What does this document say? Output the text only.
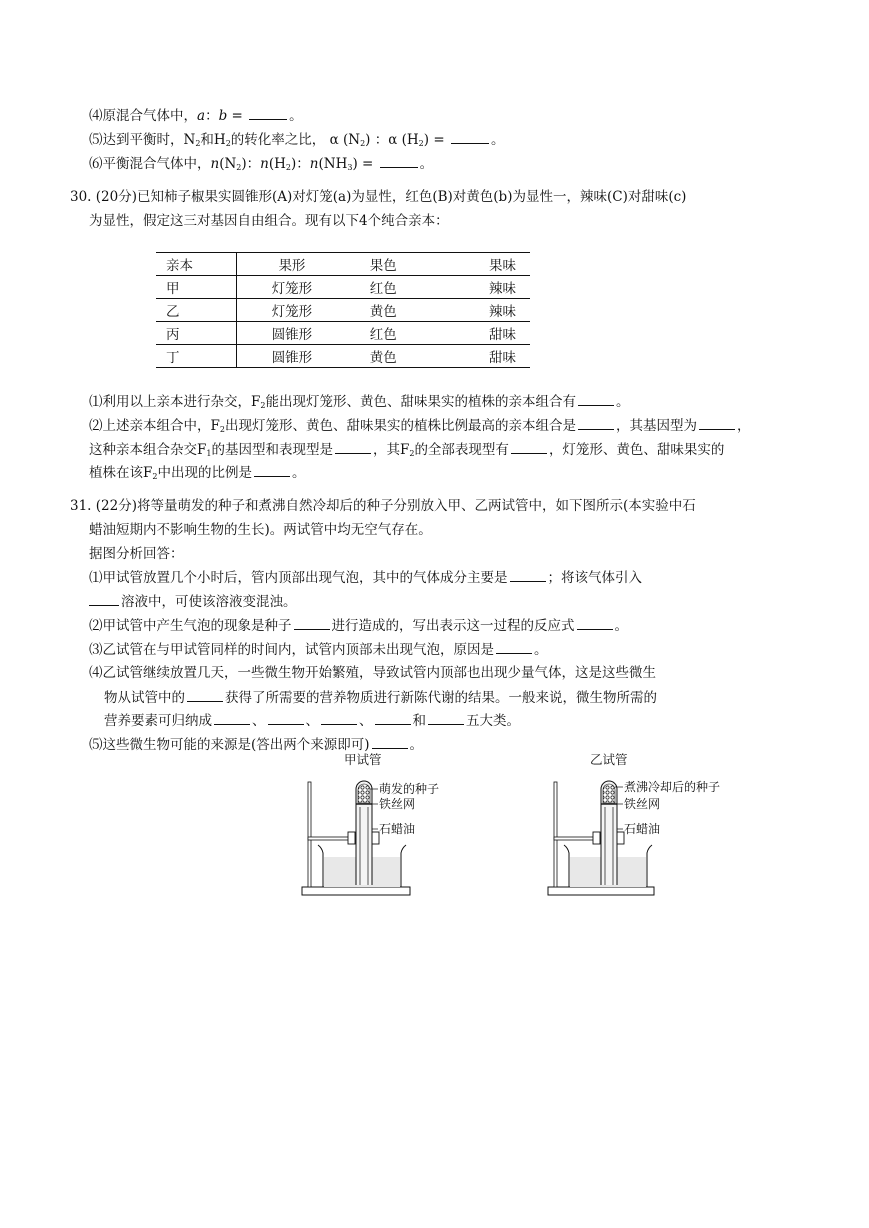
⑷原混合气体中，a：b =	。
⑸达到平衡时，$N_2$和$H_2$的转化率之比， α $(N_2)$ ：α $(H_2)$ =	。
⑹平衡混合气体中，$n(N_2)$：$n(H_2)$：$n(NH_3)$ =	。
30. (20分)已知柿子椒果实圆锥形(A)对灯笼(a)为显性，红色(B)对黄色(b)为显性一，辣味(C)对甜味(c)
为显性，假定这三对基因自由组合。现有以下4个纯合亲本：
亲本	果形	果色	果味
甲	灯笼形	红色	辣味
乙	灯笼形	黄色	辣味
丙	圆锥形	红色	甜味
丁	圆锥形	黄色	甜味
⑴利用以上亲本进行杂交，$F_2$能出现灯笼形、黄色、甜味果实的植株的亲本组合有	。
⑵上述亲本组合中，$F_2$出现灯笼形、黄色、甜味果实的植株比例最高的亲本组合是	，其基因型为	，
这种亲本组合杂交$F_1$的基因型和表现型是	，其$F_2$的全部表现型有	，灯笼形、黄色、甜味果实的
植株在该$F_2$中出现的比例是	。
31. (22分)将等量萌发的种子和煮沸自然冷却后的种子分别放入甲、乙两试管中，如下图所示(本实验中石
蜡油短期内不影响生物的生长)。两试管中均无空气存在。
据图分析回答：
⑴甲试管放置几个小时后，管内顶部出现气泡，其中的气体成分主要是	；将该气体引入
溶液中，可使该溶液变混浊。
⑵甲试管中产生气泡的现象是种子	进行造成的，写出表示这一过程的反应式	。
⑶乙试管在与甲试管同样的时间内，试管内顶部未出现气泡，原因是	。
⑷乙试管继续放置几天，一些微生物开始繁殖，导致试管内顶部也出现少量气体，这是这些微生
物从试管中的	获得了所需要的营养物质进行新陈代谢的结果。一般来说，微生物所需的
营养要素可归纳成	、	、	、	和	五大类。
⑸这些微生物可能的来源是(答出两个来源即可)	。
甲试管
萌发的种子
铁丝网
石蜡油
乙试管
煮沸冷却后的种子
铁丝网
石蜡油
